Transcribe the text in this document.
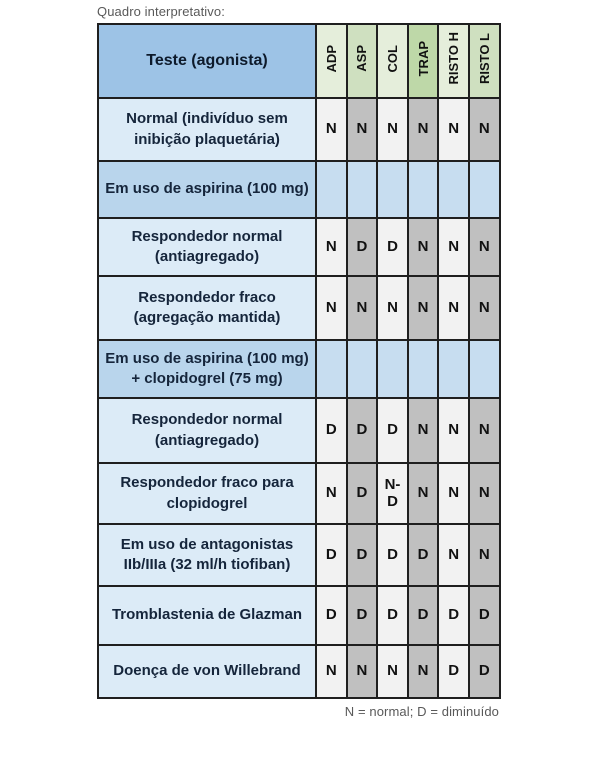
Quadro interpretativo:
Teste (agonista)	ADP	ASP	COL	TRAP	RISTO H	RISTO L
Normal (indivíduo sem inibição plaquetária)	N	N	N	N	N	N
Em uso de aspirina (100 mg)						
Respondedor normal (antiagregado)	N	D	D	N	N	N
Respondedor fraco (agregação mantida)	N	N	N	N	N	N
Em uso de aspirina (100 mg) + clopidogrel (75 mg)						
Respondedor normal (antiagregado)	D	D	D	N	N	N
Respondedor fraco para clopidogrel	N	D	N-D	N	N	N
Em uso de antagonistas IIb/IIIa (32 ml/h tiofiban)	D	D	D	D	N	N
Tromblastenia de Glazman	D	D	D	D	D	D
Doença de von Willebrand	N	N	N	N	D	D
N = normal; D = diminuído
